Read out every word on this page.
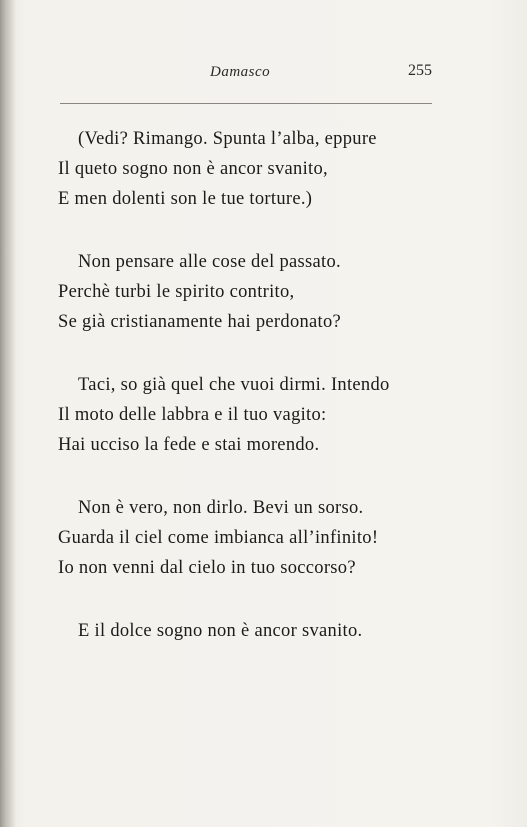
Damasco	255
(Vedi? Rimango. Spunta l’alba, eppure
Il queto sogno non è ancor svanito,
E men dolenti son le tue torture.)
Non pensare alle cose del passato.
Perchè turbi le spirito contrito,
Se già cristianamente hai perdonato?
Taci, so già quel che vuoi dirmi. Intendo
Il moto delle labbra e il tuo vagito:
Hai ucciso la fede e stai morendo.
Non è vero, non dirlo. Bevi un sorso.
Guarda il ciel come imbianca all’infinito!
Io non venni dal cielo in tuo soccorso?
E il dolce sogno non è ancor svanito.
